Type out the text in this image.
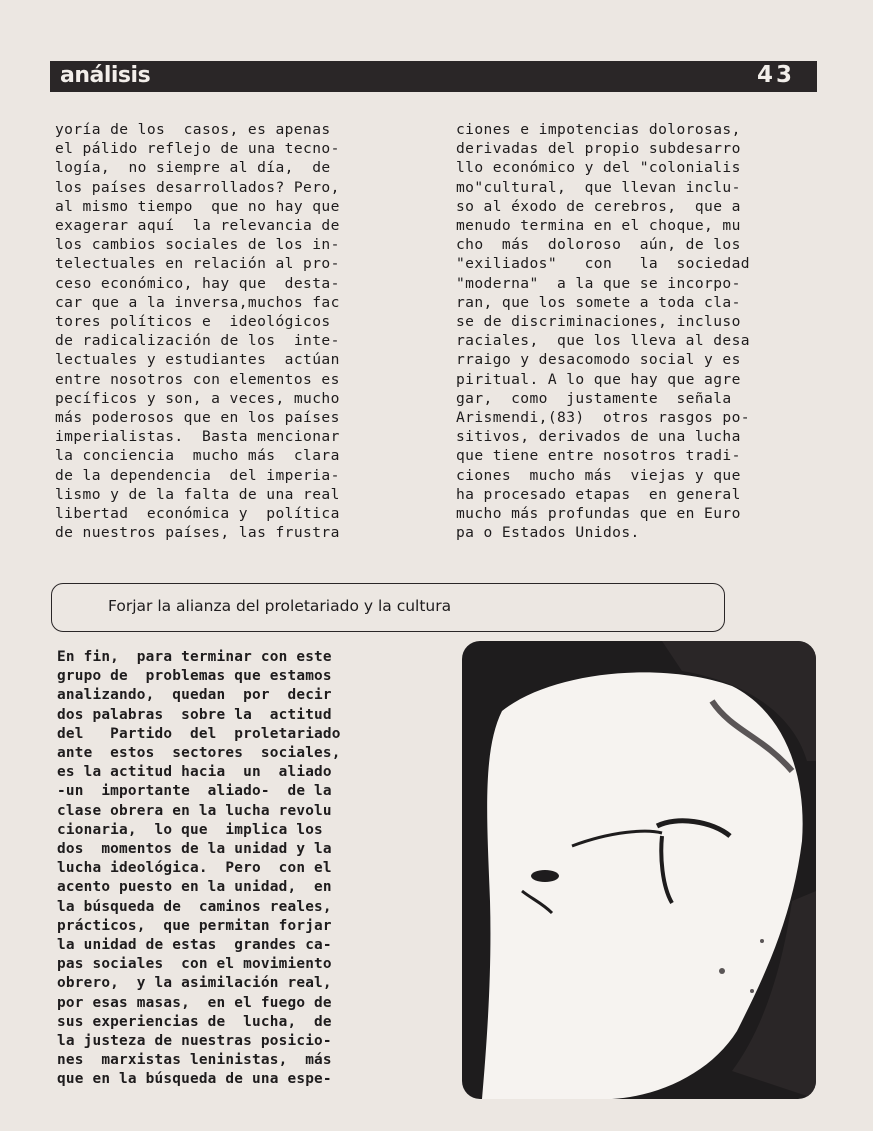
análisis	43

yoría de los  casos, es apenas
el pálido reflejo de una tecno-
logía,  no siempre al día,  de
los países desarrollados? Pero,
al mismo tiempo  que no hay que
exagerar aquí  la relevancia de
los cambios sociales de los in-
telectuales en relación al pro-
ceso económico, hay que  desta-
car que a la inversa,muchos fac
tores políticos e  ideológicos
de radicalización de los  inte-
lectuales y estudiantes  actúan
entre nosotros con elementos es
pecíficos y son, a veces, mucho
más poderosos que en los países
imperialistas.  Basta mencionar
la conciencia  mucho más  clara
de la dependencia  del imperia-
lismo y de la falta de una real
libertad  económica y  política
de nuestros países, las frustra

ciones e impotencias dolorosas,
derivadas del propio subdesarro
llo económico y del "colonialis
mo"cultural,  que llevan inclu-
so al éxodo de cerebros,  que a
menudo termina en el choque, mu
cho  más  doloroso  aún, de los
"exiliados"   con   la  sociedad
"moderna"  a la que se incorpo-
ran, que los somete a toda cla-
se de discriminaciones, incluso
raciales,  que los lleva al desa
rraigo y desacomodo social y es
piritual. A lo que hay que agre
gar,  como  justamente  señala
Arismendi,(83)  otros rasgos po-
sitivos, derivados de una lucha
que tiene entre nosotros tradi-
ciones  mucho más  viejas y que
ha procesado etapas  en general
mucho más profundas que en Euro
pa o Estados Unidos.

Forjar la alianza del proletariado y la cultura

En fin,  para terminar con este
grupo de  problemas que estamos
analizando,  quedan  por  decir
dos palabras  sobre la  actitud
del   Partido  del  proletariado
ante  estos  sectores  sociales,
es la actitud hacia  un  aliado
-un  importante  aliado-  de la
clase obrera en la lucha revolu
cionaria,  lo que  implica los
dos  momentos de la unidad y la
lucha ideológica.  Pero  con el
acento puesto en la unidad,  en
la búsqueda de  caminos reales,
prácticos,  que permitan forjar
la unidad de estas  grandes ca-
pas sociales  con el movimiento
obrero,  y la asimilación real,
por esas masas,  en el fuego de
sus experiencias de  lucha,  de
la justeza de nuestras posicio-
nes  marxistas leninistas,  más
que en la búsqueda de una espe-
